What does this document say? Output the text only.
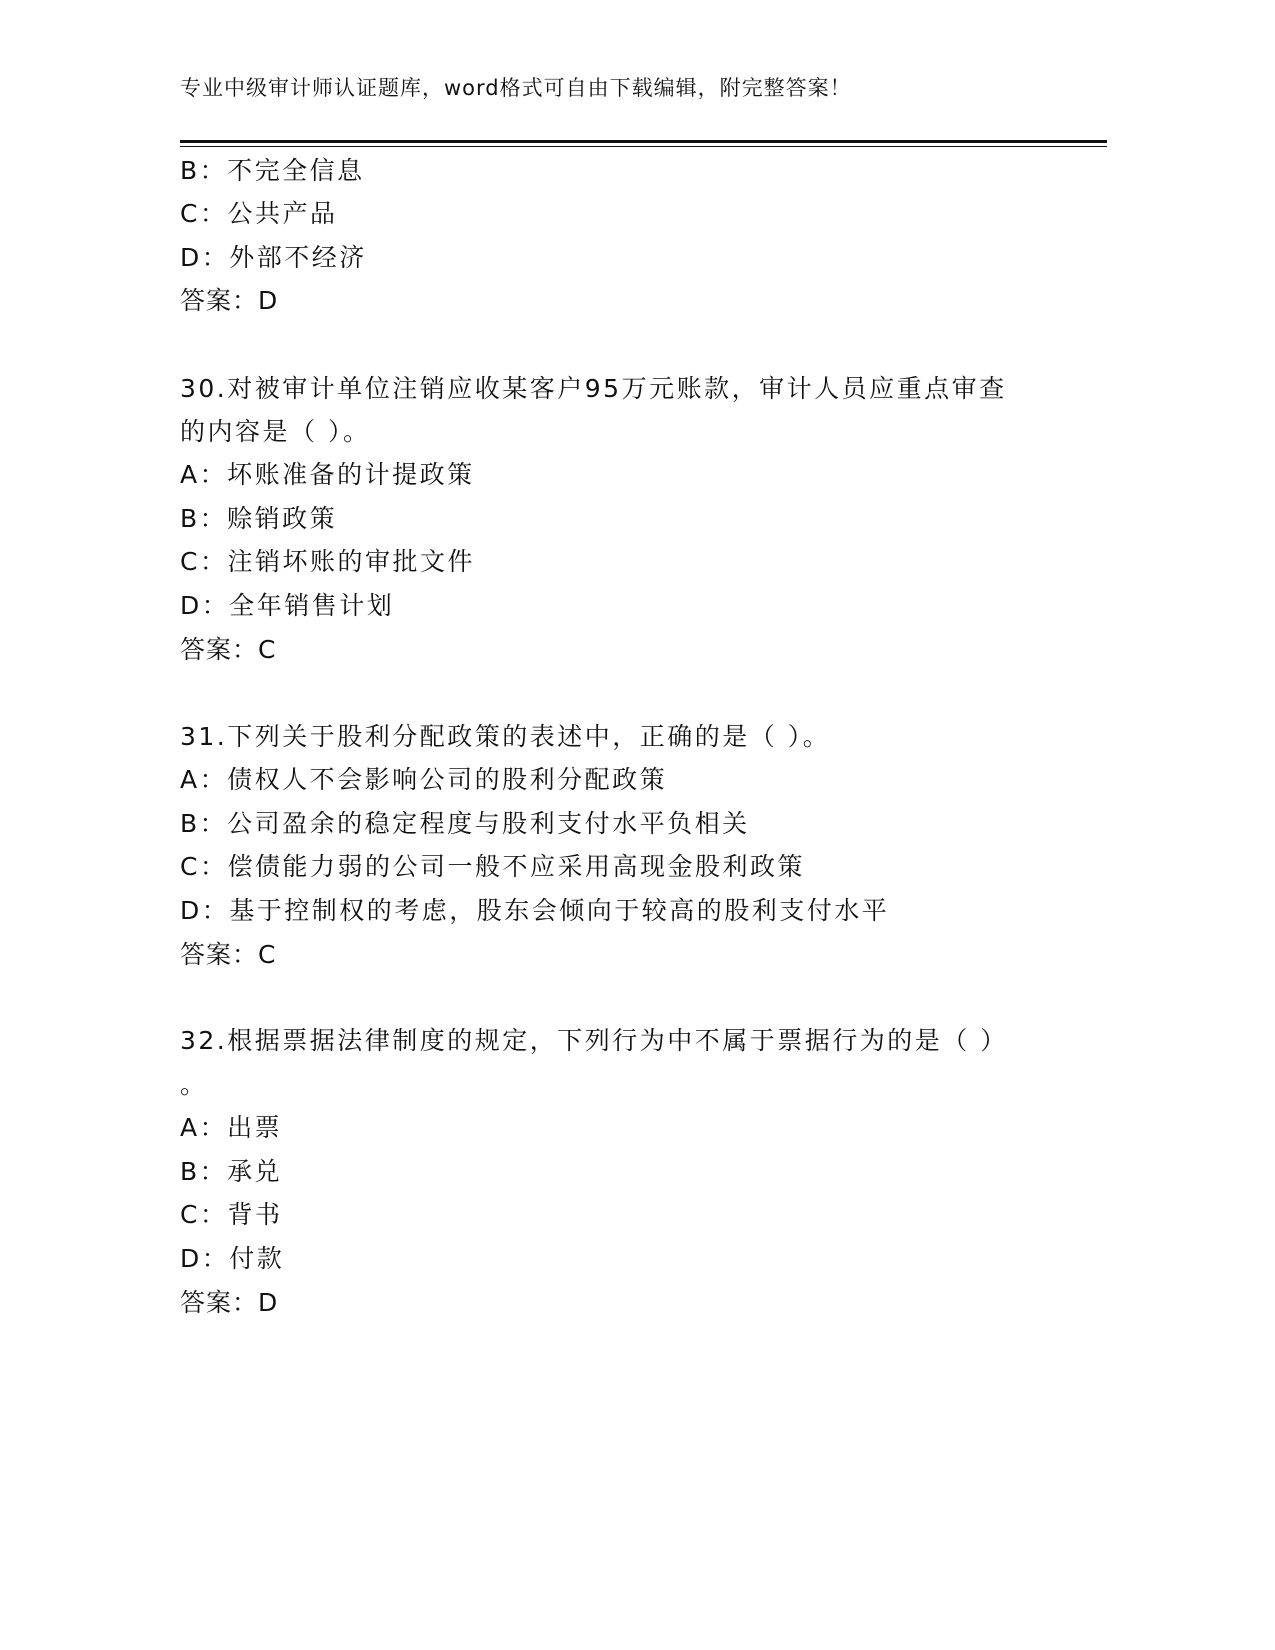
专业中级审计师认证题库，word格式可自由下载编辑，附完整答案！
B：不完全信息
C：公共产品
D：外部不经济
答案：D
30.对被审计单位注销应收某客户95万元账款，审计人员应重点审查
的内容是（ ）。
A：坏账准备的计提政策
B：赊销政策
C：注销坏账的审批文件
D：全年销售计划
答案：C
31.下列关于股利分配政策的表述中，正确的是（ ）。
A：债权人不会影响公司的股利分配政策
B：公司盈余的稳定程度与股利支付水平负相关
C：偿债能力弱的公司一般不应采用高现金股利政策
D：基于控制权的考虑，股东会倾向于较高的股利支付水平
答案：C
32.根据票据法律制度的规定，下列行为中不属于票据行为的是（ ）
。
A：出票
B：承兑
C：背书
D：付款
答案：D
